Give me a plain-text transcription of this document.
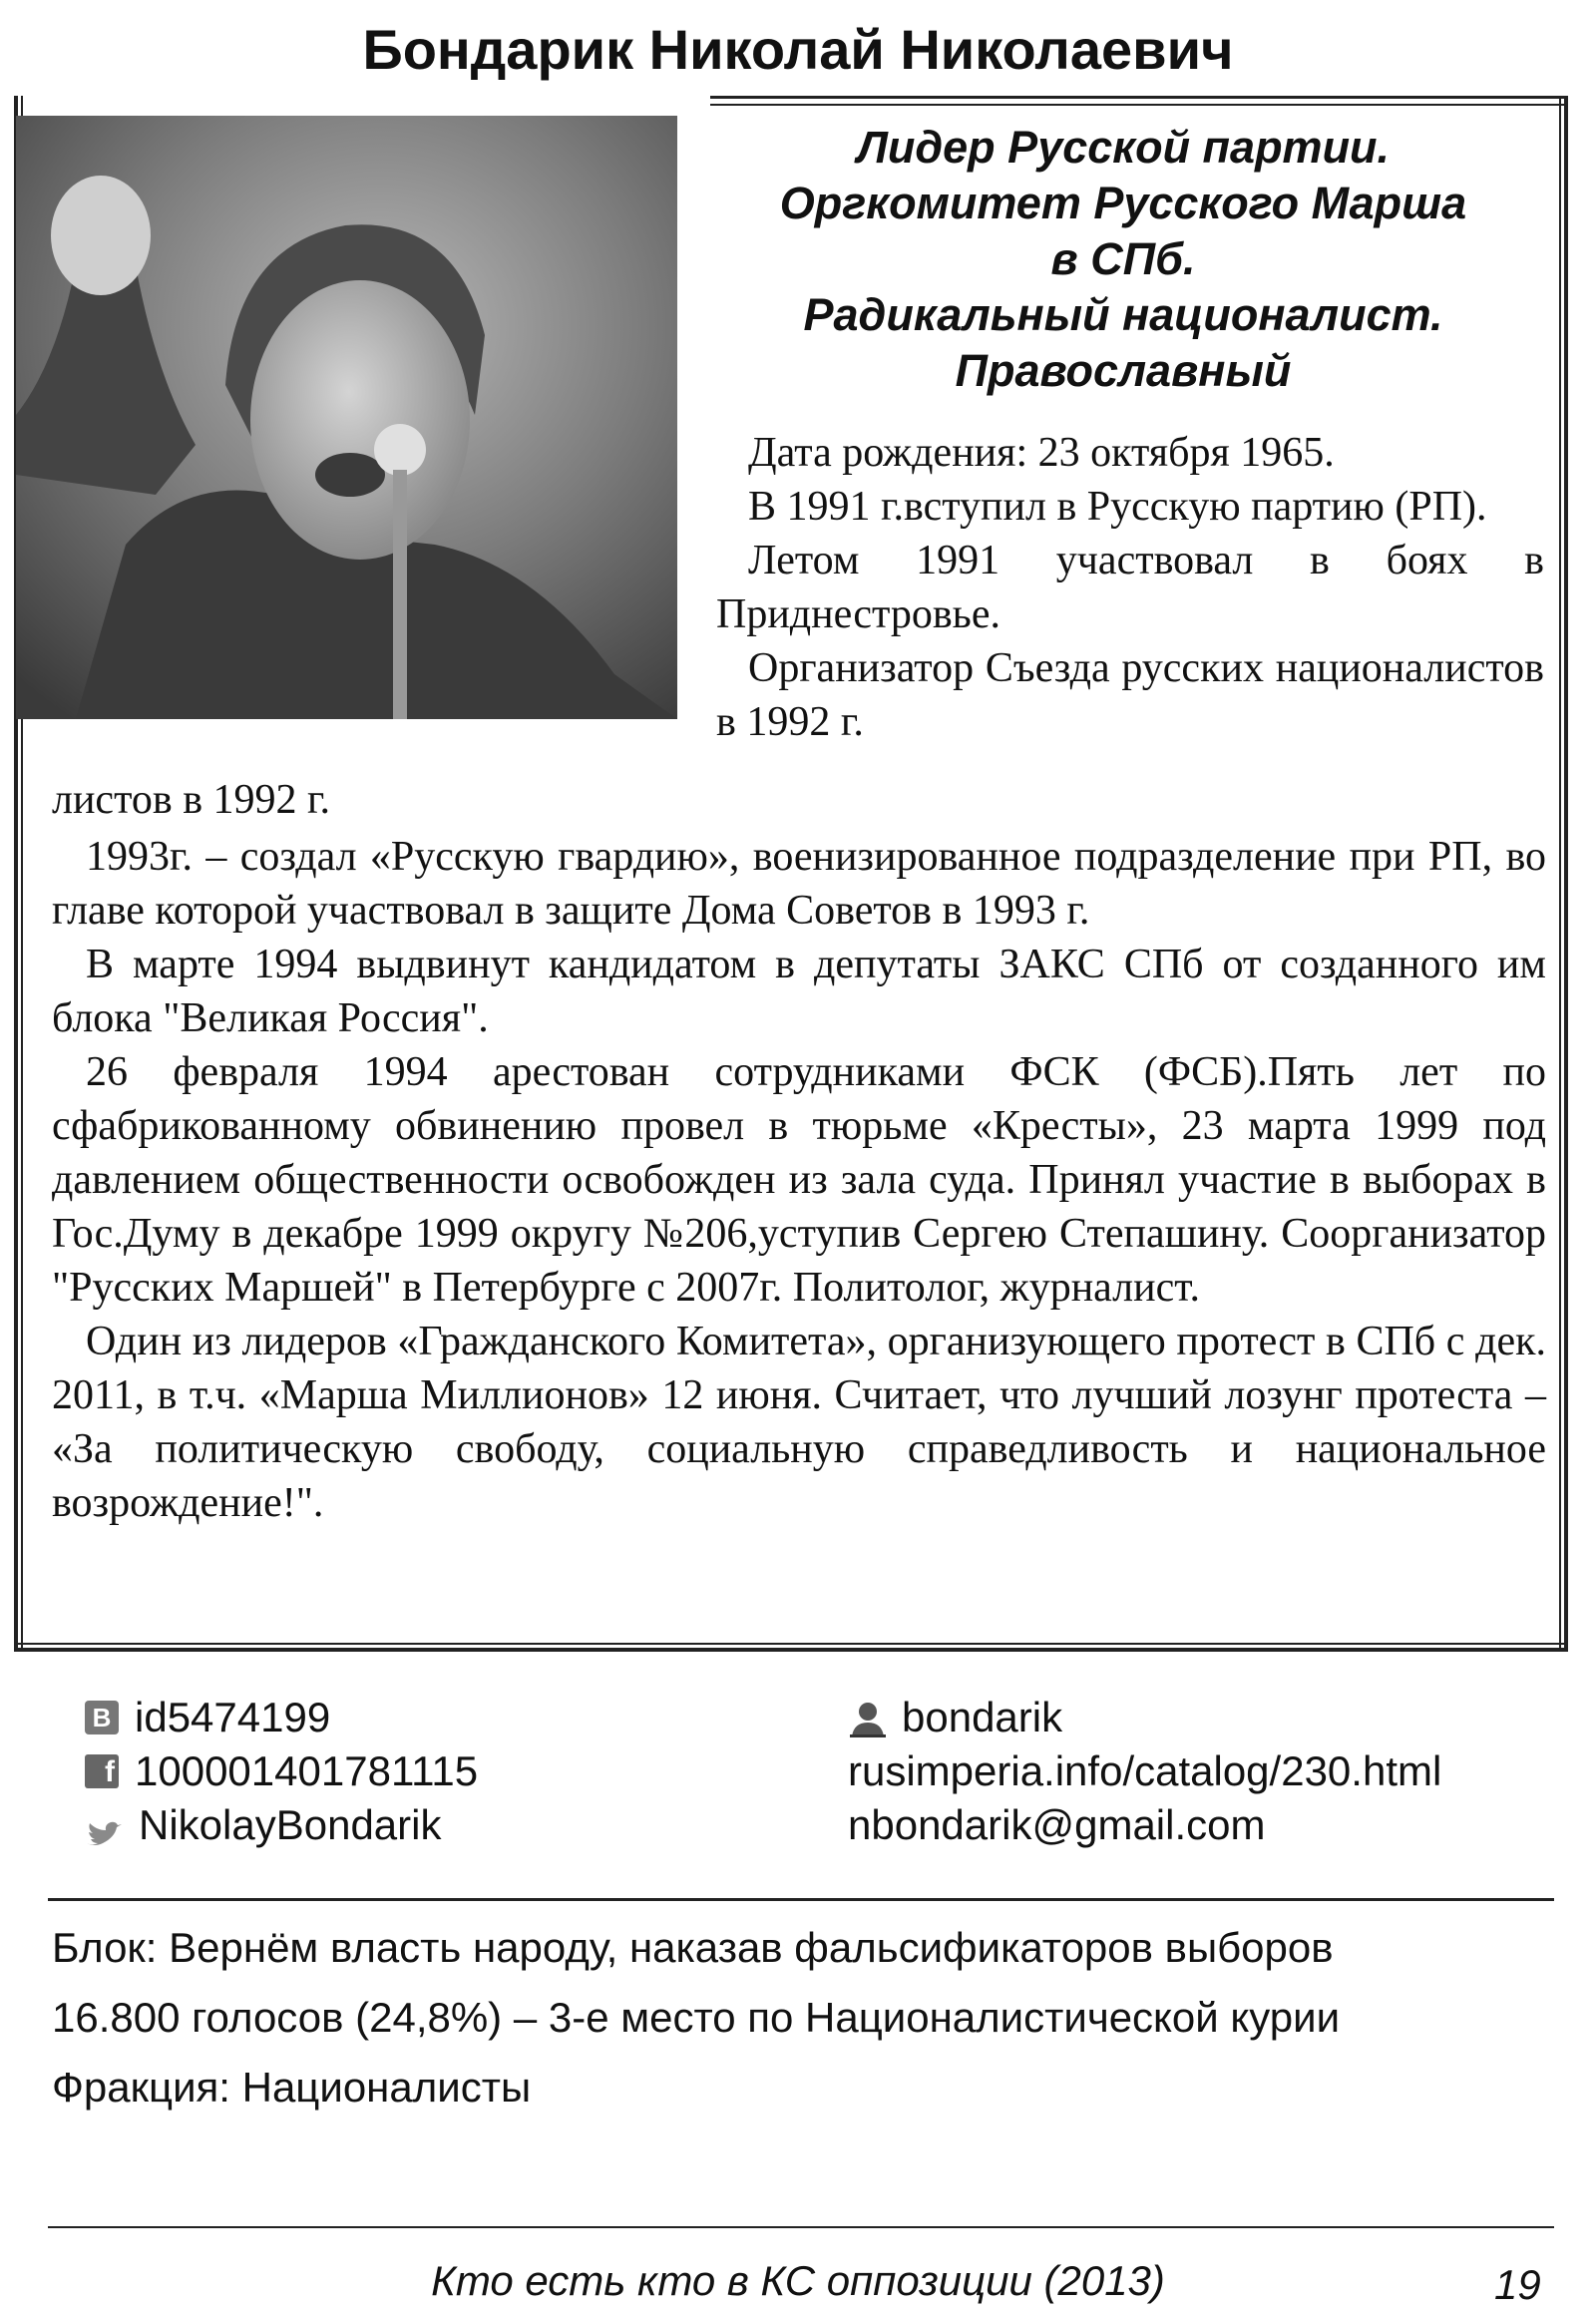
Бондарик Николай Николаевич
Лидер Русской партии.
Оргкомитет Русского Марша
в СПб.
Радикальный националист.
Православный

Дата рождения: 23 октября 1965.

В 1991 г.вступил в Русскую партию (РП).

Летом 1991 участвовал в боях в Приднестровье.

Организатор Съезда русских националистов в 1992 г.

листов в 1992 г.

1993г. – создал «Русскую гвардию», военизированное подразделение при РП, во главе которой участвовал в защите Дома Советов в 1993 г.

В марте 1994 выдвинут кандидатом в депутаты ЗАКС СПб от созданного им блока "Великая Россия".

26 февраля 1994 арестован сотрудниками ФСК (ФСБ).Пять лет по сфабрикованному обвинению провел в тюрьме «Кресты», 23 марта 1999 под давлением общественности освобожден из зала суда. Принял участие в выборах в Гос.Думу в декабре 1999 округу №206,уступив Сергею Степашину. Соорганизатор "Русских Маршей" в Петербурге с 2007г. Политолог, журналист.

Один из лидеров «Гражданского Комитета», организующего протест в СПб с дек. 2011, в т.ч. «Марша Миллионов» 12 июня. Считает, что лучший лозунг протеста – «За политическую свободу, социальную справедливость и национальное возрождение!".

B id5474199
f 100001401781115
NikolayBondarik
bondarik
rusimperia.info/catalog/230.html
nbondarik@gmail.com
Блок: Вернём власть народу, наказав фальсификаторов выборов
16.800 голосов (24,8%) – 3-е место по Националистической курии
Фракция: Националисты

Кто есть кто в КС оппозиции (2013)	19
